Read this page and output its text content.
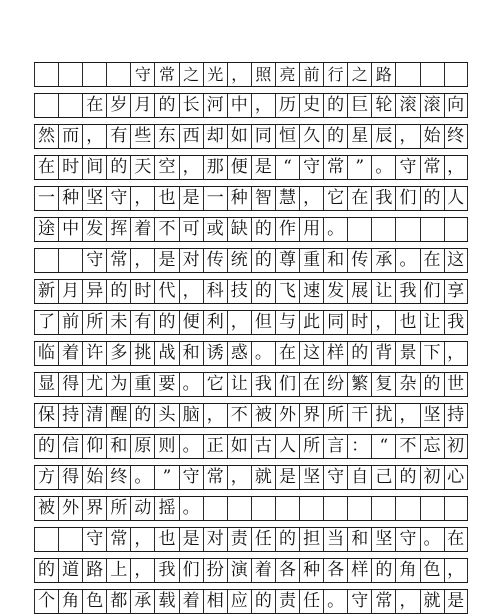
守 常 之 光 ， 照 亮 前 行 之 路
在 岁 月 的 长 河 中 ， 历 史 的 巨 轮 滚 滚 向
然 而 ， 有 些 东 西 却 如 同 恒 久 的 星 辰 ， 始 终
在 时 间 的 天 空 ， 那 便 是 “ 守 常 ” 。 守 常 ，
一 种 坚 守 ， 也 是 一 种 智 慧 ， 它 在 我 们 的 人
途 中 发 挥 着 不 可 或 缺 的 作 用 。
守 常 ， 是 对 传 统 的 尊 重 和 传 承 。 在 这
新 月 异 的 时 代 ， 科 技 的 飞 速 发 展 让 我 们 享
了 前 所 未 有 的 便 利 ， 但 与 此 同 时 ， 也 让 我
临 着 许 多 挑 战 和 诱 惑 。 在 这 样 的 背 景 下 ，
显 得 尤 为 重 要 。 它 让 我 们 在 纷 繁 复 杂 的 世
保 持 清 醒 的 头 脑 ， 不 被 外 界 所 干 扰 ， 坚 持
的 信 仰 和 原 则 。 正 如 古 人 所 言 ： “ 不 忘 初
方 得 始 终 。 ” 守 常 ， 就 是 坚 守 自 己 的 初 心
被 外 界 所 动 摇 。
守 常 ， 也 是 对 责 任 的 担 当 和 坚 守 。 在
的 道 路 上 ， 我 们 扮 演 着 各 种 各 样 的 角 色 ，
个 角 色 都 承 载 着 相 应 的 责 任 。 守 常 ， 就 是
